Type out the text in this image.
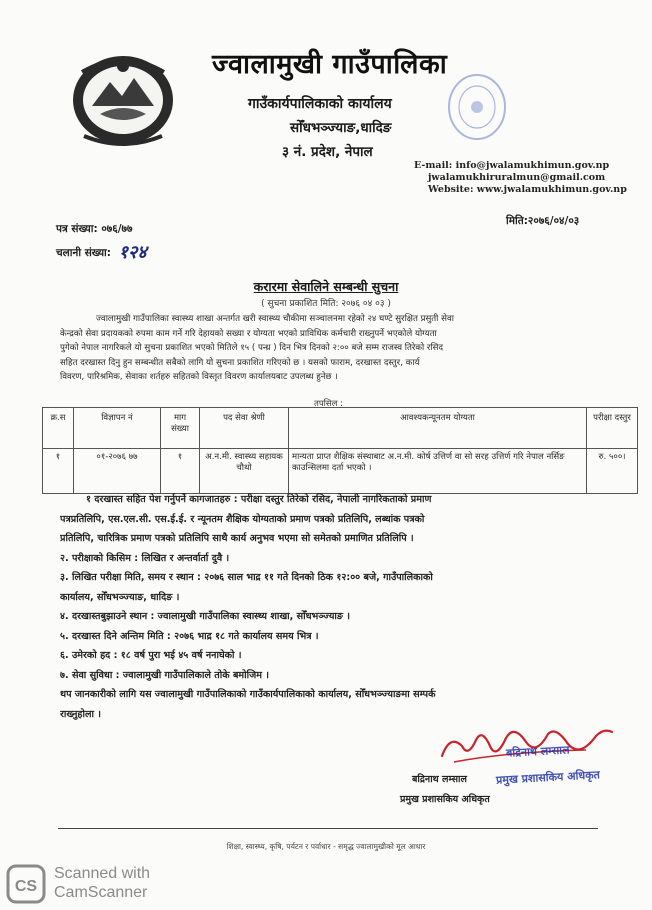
ज्वालामुखी गाउँपालिका
गाउँकार्यपालिकाको कार्यालय
सोँधभञ्ज्याङ,धादिङ
३ नं. प्रदेश, नेपाल
E-mail: info@jwalamukhimun.gov.np
jwalamukhiruralmun@gmail.com
Website: www.jwalamukhimun.gov.np
पत्र संख्या: ०७६/७७
चलानी संख्या: १२४
मिति:२०७६/०४/०३
करारमा सेवालिने सम्बन्धी सुचना
( सुचना प्रकाशित मिति: २०७६ ०४ ०३ )
ज्वालामुखी गाउँपालिका स्वास्थ्य शाखा अन्तर्गत खरी स्वास्थ्य चौकीमा सञ्चालनमा रहेको २४ घण्टे सुरक्षित प्रसुती सेवा
केन्द्रको सेवा प्रदायकको रुपमा काम गर्ने गरि देहायको सख्या र योग्यता भएको प्राविधिक कर्मचारी राख्नुपर्ने भएकोले योग्यता
पुगेको नेपाल नागरिकले यो सुचना प्रकाशित भएको मितिले १५ ( पन्ध्र ) दिन भित्र दिनको २:०० बजे सम्म राजस्व तिरेको रसिद
सहित दरखास्त दिनु हुन सम्बन्धीत सबैको लागि यो सुचना प्रकाशित गरिएको छ । यसको फाराम, दरखास्त दस्तुर, कार्य
विवरण, पारिश्रमिक, सेवाका शर्तहरु सहितको विस्तृत विवरण कार्यालयबाट उपलब्ध हुनेछ ।
तपसिल :
क्र.स	विज्ञापन नं	माग संख्या	पद सेवा श्रेणी	आवश्यकन्यूनतम योग्यता	परीक्षा दस्तुर
१	०१-२०७६ ७७	१	अ.न.मी. स्वास्थ्य सहायक चौथो	मान्यता प्राप्त शैक्षिक संस्थाबाट अ.न.मी. कोर्ष उत्तिर्ण वा सो सरह उत्तिर्ण गरि नेपाल नर्सिङ काउन्सिलमा दर्ता भएको ।	रु. ५००।
१ दरखास्त सहित पेश गर्नुपर्ने कागजातहरु : परीक्षा दस्तुर तिरेको रसिद, नेपाली नागरिकताको प्रमाण
पत्रप्रतिलिपि, एस.एल.सी. एस.ई.ई. र न्यूनतम शैक्षिक योग्यताको प्रमाण पत्रको प्रतिलिपि, लब्धांक पत्रको
प्रतिलिपि, चारित्रिक प्रमाण पत्रको प्रतिलिपि साथै कार्य अनुभव भएमा सो समेतको प्रमाणित प्रतिलिपि ।
२. परीक्षाको किसिम : लिखित र अन्तर्वार्ता दुवै ।
३. लिखित परीक्षा मिति, समय र स्थान : २०७६ साल भाद्र ११ गते दिनको ठिक १२:०० बजे, गाउँपालिकाको
कार्यालय, सोँधभञ्ज्याङ, धादिङ ।
४. दरखास्तबुझाउने स्थान : ज्वालामुखी गाउँपालिका स्वास्थ्य शाखा, सोँधभञ्ज्याङ ।
५. दरखास्त दिने अन्तिम मिति : २०७६ भाद्र १८ गते कार्यालय समय भित्र ।
६. उमेरको हद : १८ वर्ष पुरा भई ४५ वर्ष ननाघेको ।
७. सेवा सुविधा : ज्वालामुखी गाउँपालिकाले तोके बमोजिम ।
थप जानकारीको लागि यस ज्वालामुखी गाउँपालिकाको गाउँकार्यपालिकाको कार्यालय, सोँधभञ्ज्याङमा सम्पर्क
राख्नुहोला ।
बद्रिनाथ लम्साल
प्रमुख प्रशासकिय अधिकृत
बद्रिनाथ लम्साल
प्रमुख प्रशासकिय अधिकृत
शिक्षा, स्वास्थ्य, कृषि, पर्यटन र पर्वाधार - समृद्ध ज्वालामुखीको मूल आधार
CS
Scanned with
CamScanner
